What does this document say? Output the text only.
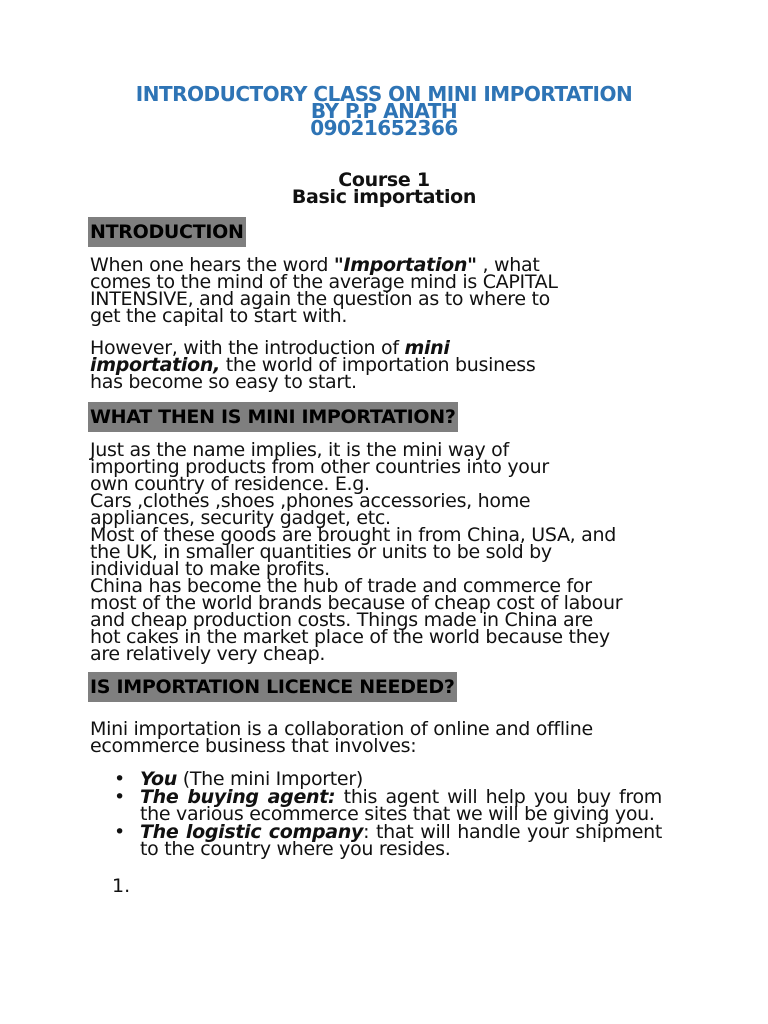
INTRODUCTORY CLASS ON MINI IMPORTATION
BY P.P ANATH
09021652366
Course 1
Basic importation
NTRODUCTION
When one hears the word "Importation" , what
comes to the mind of the average mind is CAPITAL
INTENSIVE, and again the question as to where to
get the capital to start with.
However, with the introduction of mini
importation, the world of importation business
has become so easy to start.
WHAT THEN IS MINI IMPORTATION?
Just as the name implies, it is the mini way of
importing products from other countries into your
own country of residence. E.g.
Cars ,clothes ,shoes ,phones accessories, home
appliances, security gadget, etc.
Most of these goods are brought in from China, USA, and
the UK, in smaller quantities or units to be sold by
individual to make profits.
China has become the hub of trade and commerce for
most of the world brands because of cheap cost of labour
and cheap production costs. Things made in China are
hot cakes in the market place of the world because they
are relatively very cheap.
IS IMPORTATION LICENCE NEEDED?
Mini importation is a collaboration of online and offline
ecommerce business that involves:
• You (The mini Importer)
• The buying agent: this agent will help you buy from the various ecommerce sites that we will be giving you.
• The logistic company: that will handle your shipment to the country where you resides.
1.
